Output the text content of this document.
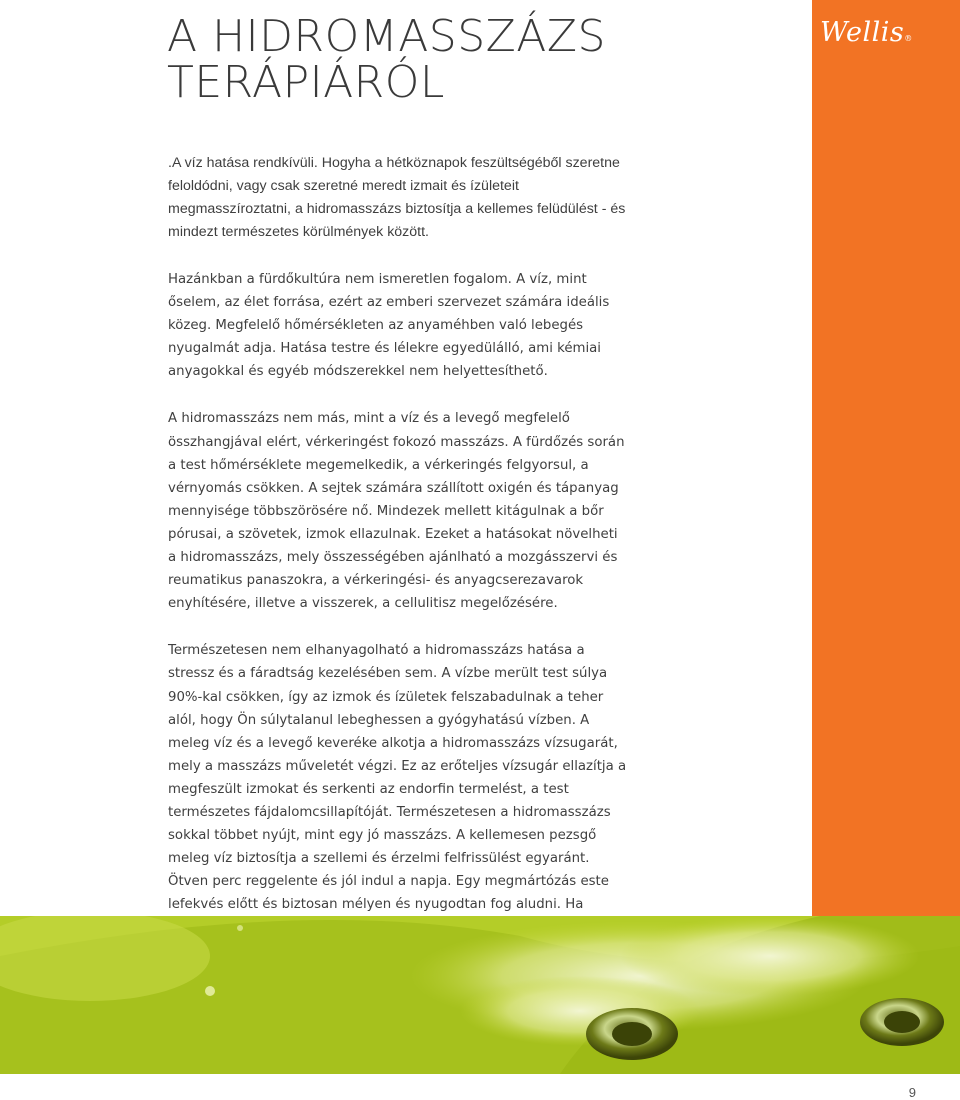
A HIDROMASSZÁZS
TERÁPIÁRÓL
Wellis®

.A víz hatása rendkívüli. Hogyha a hétköznapok feszültségéből szeretne feloldódni, vagy csak szeretné meredt izmait és ízületeit megmasszíroztatni, a hidromasszázs biztosítja a kellemes felüdülést - és mindezt természetes körülmények között.

Hazánkban a fürdőkultúra nem ismeretlen fogalom. A víz, mint őselem, az élet forrása, ezért az emberi szervezet számára ideális közeg. Megfelelő hőmérsékleten az anyaméhben való lebegés nyugalmát adja. Hatása testre és lélekre egyedülálló, ami kémiai anyagokkal és egyéb módszerekkel nem helyettesíthető.

A hidromasszázs nem más, mint a víz és a levegő megfelelő összhangjával elért, vérkeringést fokozó masszázs. A fürdőzés során a test hőmérséklete megemelkedik, a vérkeringés felgyorsul, a vérnyomás csökken. A sejtek számára szállított oxigén és tápanyag mennyisége többszörösére nő. Mindezek mellett kitágulnak a bőr pórusai, a szövetek, izmok ellazulnak. Ezeket a hatásokat növelheti a hidromasszázs, mely összességében ajánlható a mozgásszervi és reumatikus panaszokra, a vérkeringési- és anyagcserezavarok enyhítésére, illetve a visszerek, a cellulitisz megelőzésére.

Természetesen nem elhanyagolható a hidromasszázs hatása a stressz és a fáradtság kezelésében sem. A vízbe merült test súlya 90%-kal csökken, így az izmok és ízületek felszabadulnak a teher alól, hogy Ön súlytalanul lebeghessen a gyógyhatású vízben. A meleg víz és a levegő keveréke alkotja a hidromasszázs vízsugarát, mely a masszázs műveletét végzi. Ez az erőteljes vízsugár ellazítja a megfeszült izmokat és serkenti az endorfin termelést, a test természetes fájdalomcsillapítóját. Természetesen a hidromasszázs sokkal többet nyújt, mint egy jó masszázs. A kellemesen pezsgő meleg víz biztosítja a szellemi és érzelmi felfrissülést egyaránt. Ötven perc reggelente és jól indul a napja. Egy megmártózás este lefekvés előtt és biztosan mélyen és nyugodtan fog aludni. Ha

9
